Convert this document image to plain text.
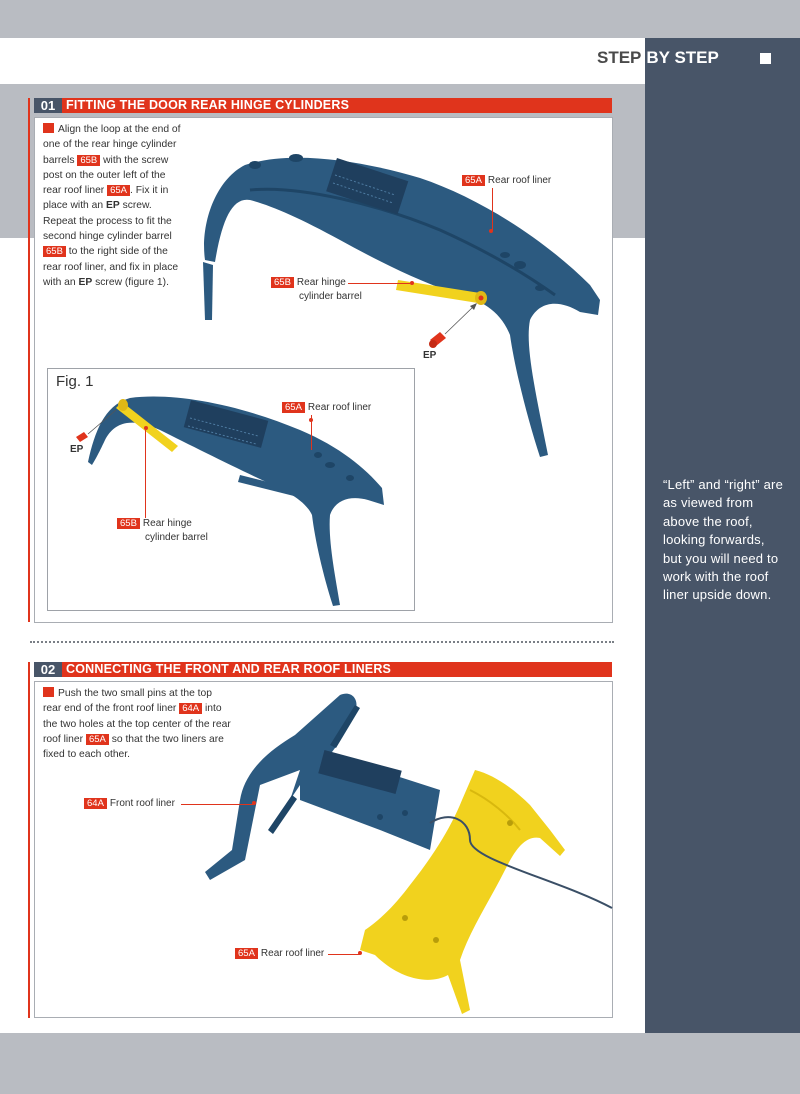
STEP BY STEP
“Left” and “right” are as viewed from above the roof, looking forwards, but you will need to work with the roof liner upside down.
01 FITTING THE DOOR REAR HINGE CYLINDERS
Align the loop at the end of one of the rear hinge cylinder barrels 65B with the screw post on the outer left of the rear roof liner 65A . Fix it in place with an EP screw. Repeat the process to fit the second hinge cylinder barrel 65B to the right side of the rear roof liner, and fix in place with an EP screw (figure 1).
65A Rear roof liner
65B Rear hinge
cylinder barrel
EP
Fig. 1
65A Rear roof liner
65B Rear hinge
cylinder barrel
EP
02 CONNECTING THE FRONT AND REAR ROOF LINERS
Push the two small pins at the top rear end of the front roof liner 64A into the two holes at the top center of the rear roof liner 65A so that the two liners are fixed to each other.
64A Front roof liner
65A Rear roof liner
